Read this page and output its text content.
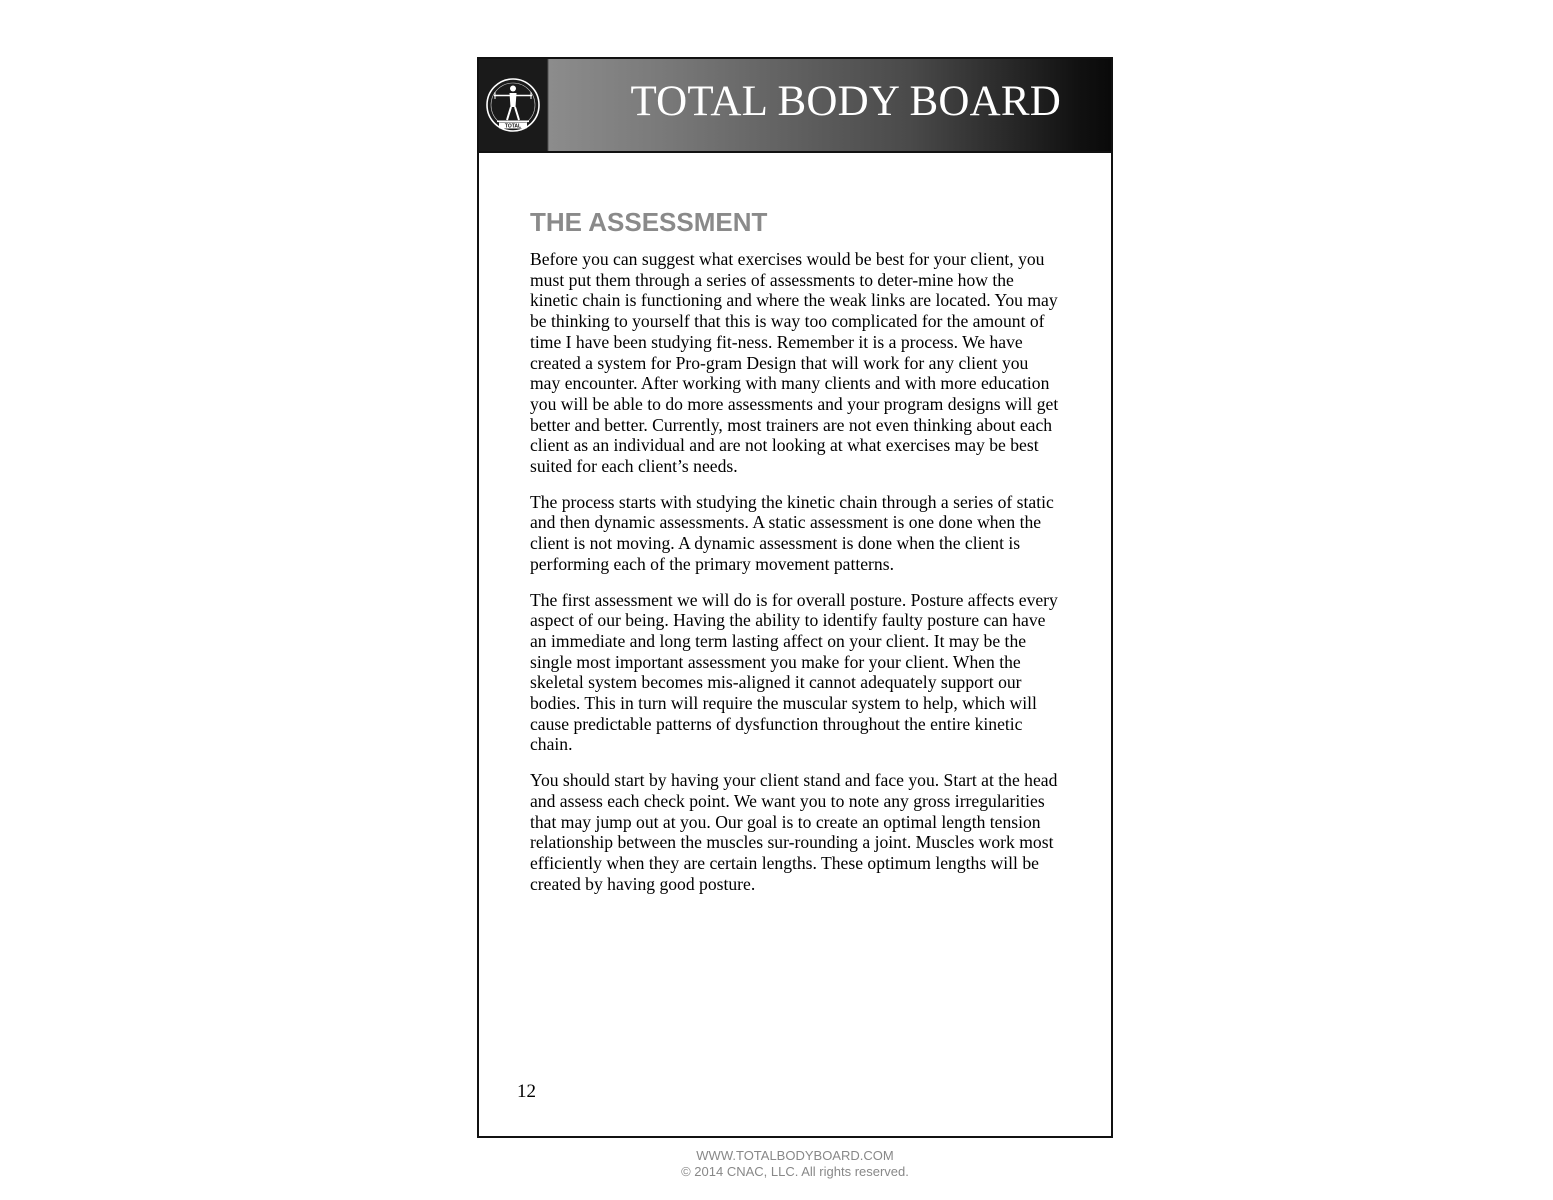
TOTAL
TOTAL BODY BOARD
THE ASSESSMENT

Before you can suggest what exercises would be best for your client, you must put them through a series of assessments to deter-mine how the kinetic chain is functioning and where the weak links are located. You may be thinking to yourself that this is way too complicated for the amount of time I have been studying fit-ness. Remember it is a process. We have created a system for Pro-gram Design that will work for any client you may encounter. After working with many clients and with more education you will be able to do more assessments and your program designs will get better and better. Currently, most trainers are not even thinking about each client as an individual and are not looking at what exercises may be best suited for each client’s needs.

The process starts with studying the kinetic chain through a series of static and then dynamic assessments. A static assessment is one done when the client is not moving. A dynamic assessment is done when the client is performing each of the primary movement patterns.

The first assessment we will do is for overall posture. Posture affects every aspect of our being. Having the ability to identify faulty posture can have an immediate and long term lasting affect on your client. It may be the single most important assessment you make for your client. When the skeletal system becomes mis-aligned it cannot adequately support our bodies. This in turn will require the muscular system to help, which will cause predictable patterns of dysfunction throughout the entire kinetic chain.

You should start by having your client stand and face you. Start at the head and assess each check point. We want you to note any gross irregularities that may jump out at you. Our goal is to create an optimal length tension relationship between the muscles sur-rounding a joint. Muscles work most efficiently when they are certain lengths. These optimum lengths will be created by having good posture.

12
WWW.TOTALBODYBOARD.COM
© 2014 CNAC, LLC. All rights reserved.
